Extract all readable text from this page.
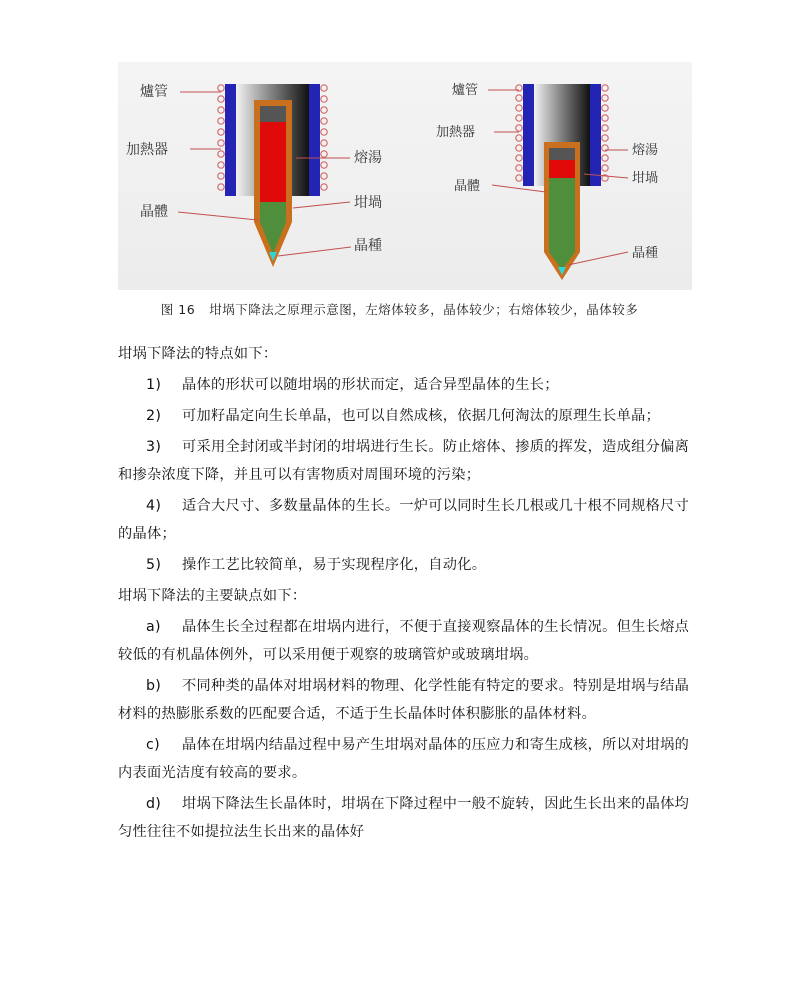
爐管
加熱器	熔湯
坩堝
晶體
晶種
爐管
加熱器
熔湯
坩堝
晶體
晶種
图 16 坩埚下降法之原理示意图，左熔体较多，晶体较少；右熔体较少，晶体较多

坩埚下降法的特点如下：

1) 晶体的形状可以随坩埚的形状而定，适合异型晶体的生长；

2) 可加籽晶定向生长单晶，也可以自然成核，依据几何淘汰的原理生长单晶；

3) 可采用全封闭或半封闭的坩埚进行生长。防止熔体、掺质的挥发，造成组分偏离和掺杂浓度下降，并且可以有害物质对周围环境的污染；

4) 适合大尺寸、多数量晶体的生长。一炉可以同时生长几根或几十根不同规格尺寸的晶体；

5) 操作工艺比较简单，易于实现程序化，自动化。

坩埚下降法的主要缺点如下：

a) 晶体生长全过程都在坩埚内进行，不便于直接观察晶体的生长情况。但生长熔点较低的有机晶体例外，可以采用便于观察的玻璃管炉或玻璃坩埚。

b) 不同种类的晶体对坩埚材料的物理、化学性能有特定的要求。特别是坩埚与结晶材料的热膨胀系数的匹配要合适，不适于生长晶体时体积膨胀的晶体材料。

c) 晶体在坩埚内结晶过程中易产生坩埚对晶体的压应力和寄生成核，所以对坩埚的内表面光洁度有较高的要求。

d) 坩埚下降法生长晶体时，坩埚在下降过程中一般不旋转，因此生长出来的晶体均匀性往往不如提拉法生长出来的晶体好
